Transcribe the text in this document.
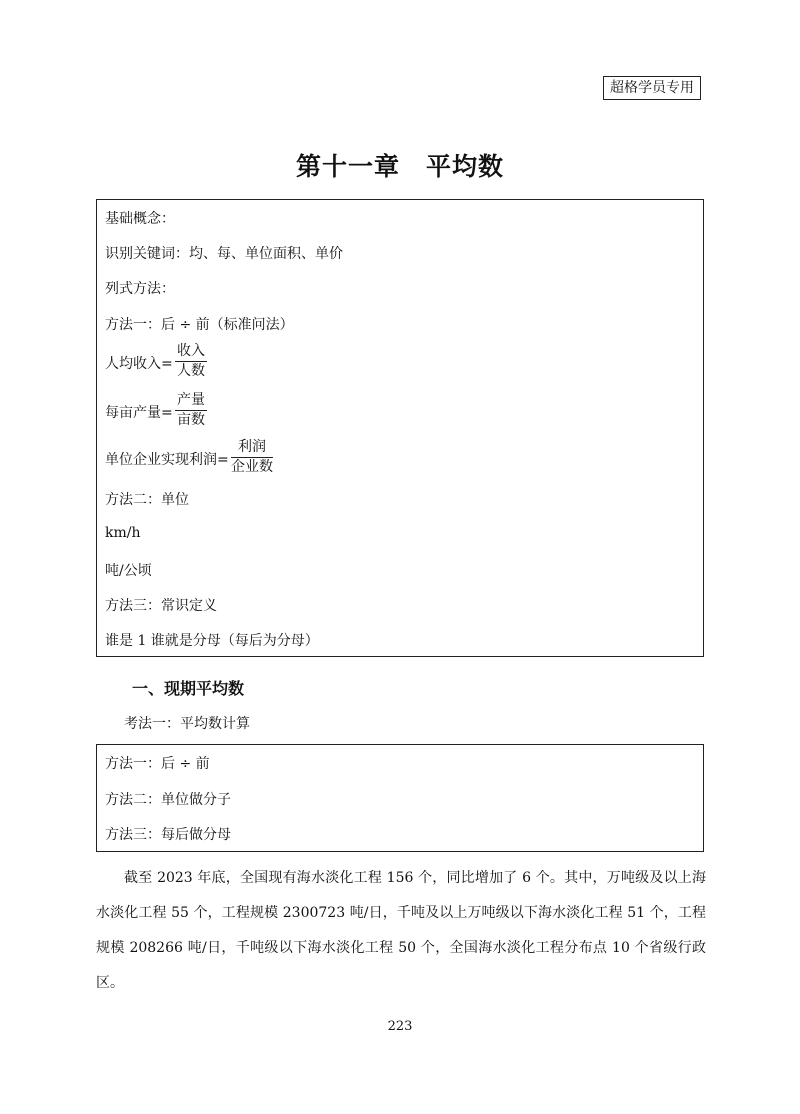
超格学员专用
第十一章　平均数
基础概念：
识别关键词：均、每、单位面积、单价
列式方法：
方法一：后 ÷ 前（标准问法）
人均收入=
收入
人数
每亩产量=
产量
亩数
单位企业实现利润=
利润
企业数
方法二：单位
km/h
吨/公顷
方法三：常识定义
谁是 1 谁就是分母（每后为分母）
一、现期平均数
考法一：平均数计算
方法一：后 ÷ 前
方法二：单位做分子
方法三：每后做分母
截至 2023 年底，全国现有海水淡化工程 156 个，同比增加了 6 个。其中，万吨级及以上海水淡化工程 55 个，工程规模 2300723 吨/日，千吨及以上万吨级以下海水淡化工程 51 个，工程规模 208266 吨/日，千吨级以下海水淡化工程 50 个，全国海水淡化工程分布点 10 个省级行政区。
223
